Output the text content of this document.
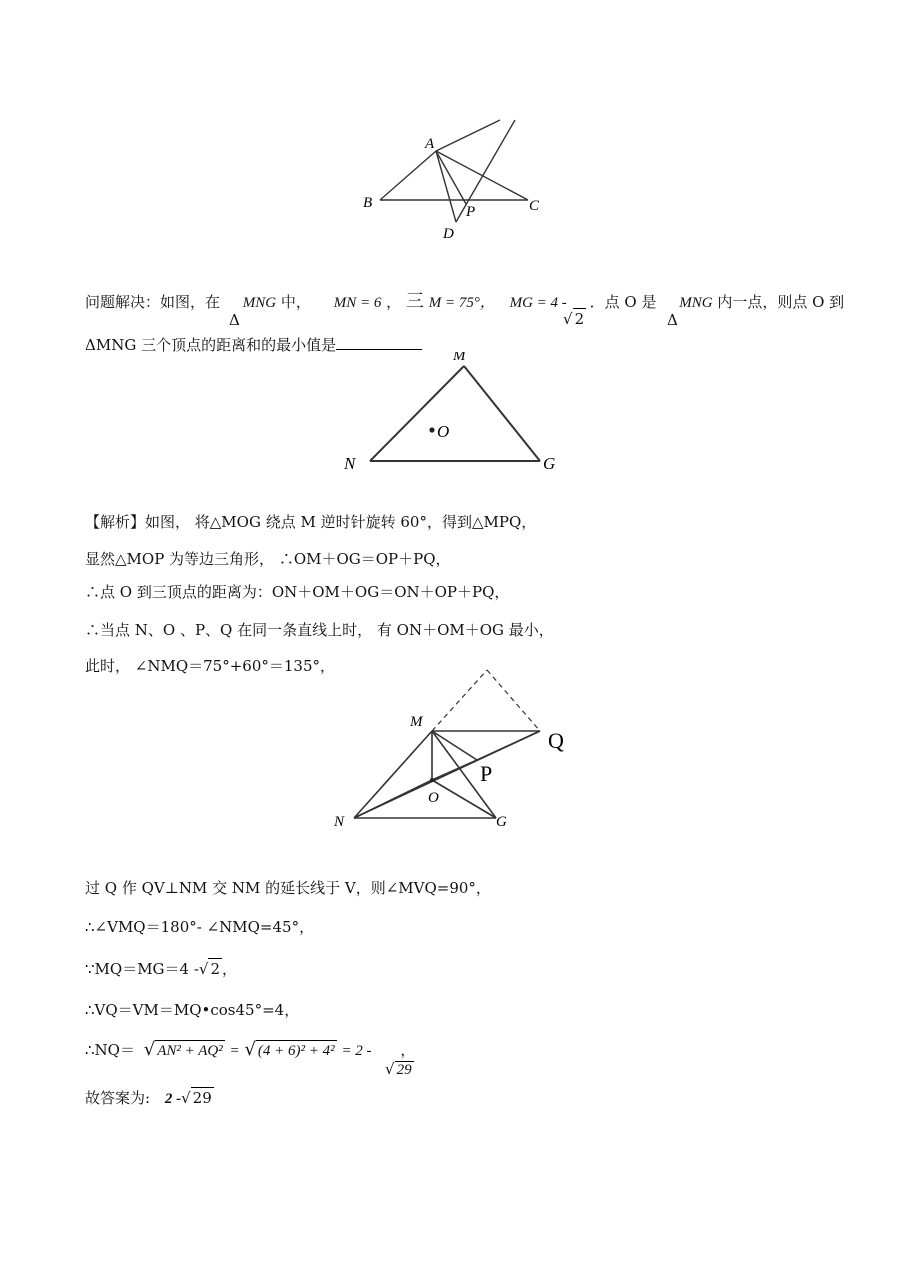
A
B	C
D
P
问题解决：如图，在 MNG 中， MN = 6 ， 三 M = 75°， MG = 4 -
√ 2
．点 O 是 MNG 内一点，则点 O 到
Δ	Δ
ΔMNG 三个顶点的距离和的最小值是
M
N	G
O
【解析】如图， 将△MOG 绕点 M 逆时针旋转 60°，得到△MPQ，
显然△MOP 为等边三角形， ∴OM＋OG＝OP＋PQ，
∴点 O 到三顶点的距离为：ON＋OM＋OG＝ON＋OP＋PQ，
∴当点 N、O 、P、Q 在同一条直线上时， 有 ON＋OM＋OG 最小，
此时， ∠NMQ＝75°+60°＝135°，
M
N	G
O
P
Q
过 Q 作 QV⊥NM 交 NM 的延长线于 V，则∠MVQ=90°，
∴∠VMQ＝180°- ∠NMQ=45°，
∵MQ＝MG＝4 -√ 2 ，
∴VQ＝VM＝MQ•cos45°=4，
∴NQ＝ √ AN² + AQ² = √ (4 + 6)² + 4² = 2 - ，
√ 29
故答案为: 2 -√ 29
